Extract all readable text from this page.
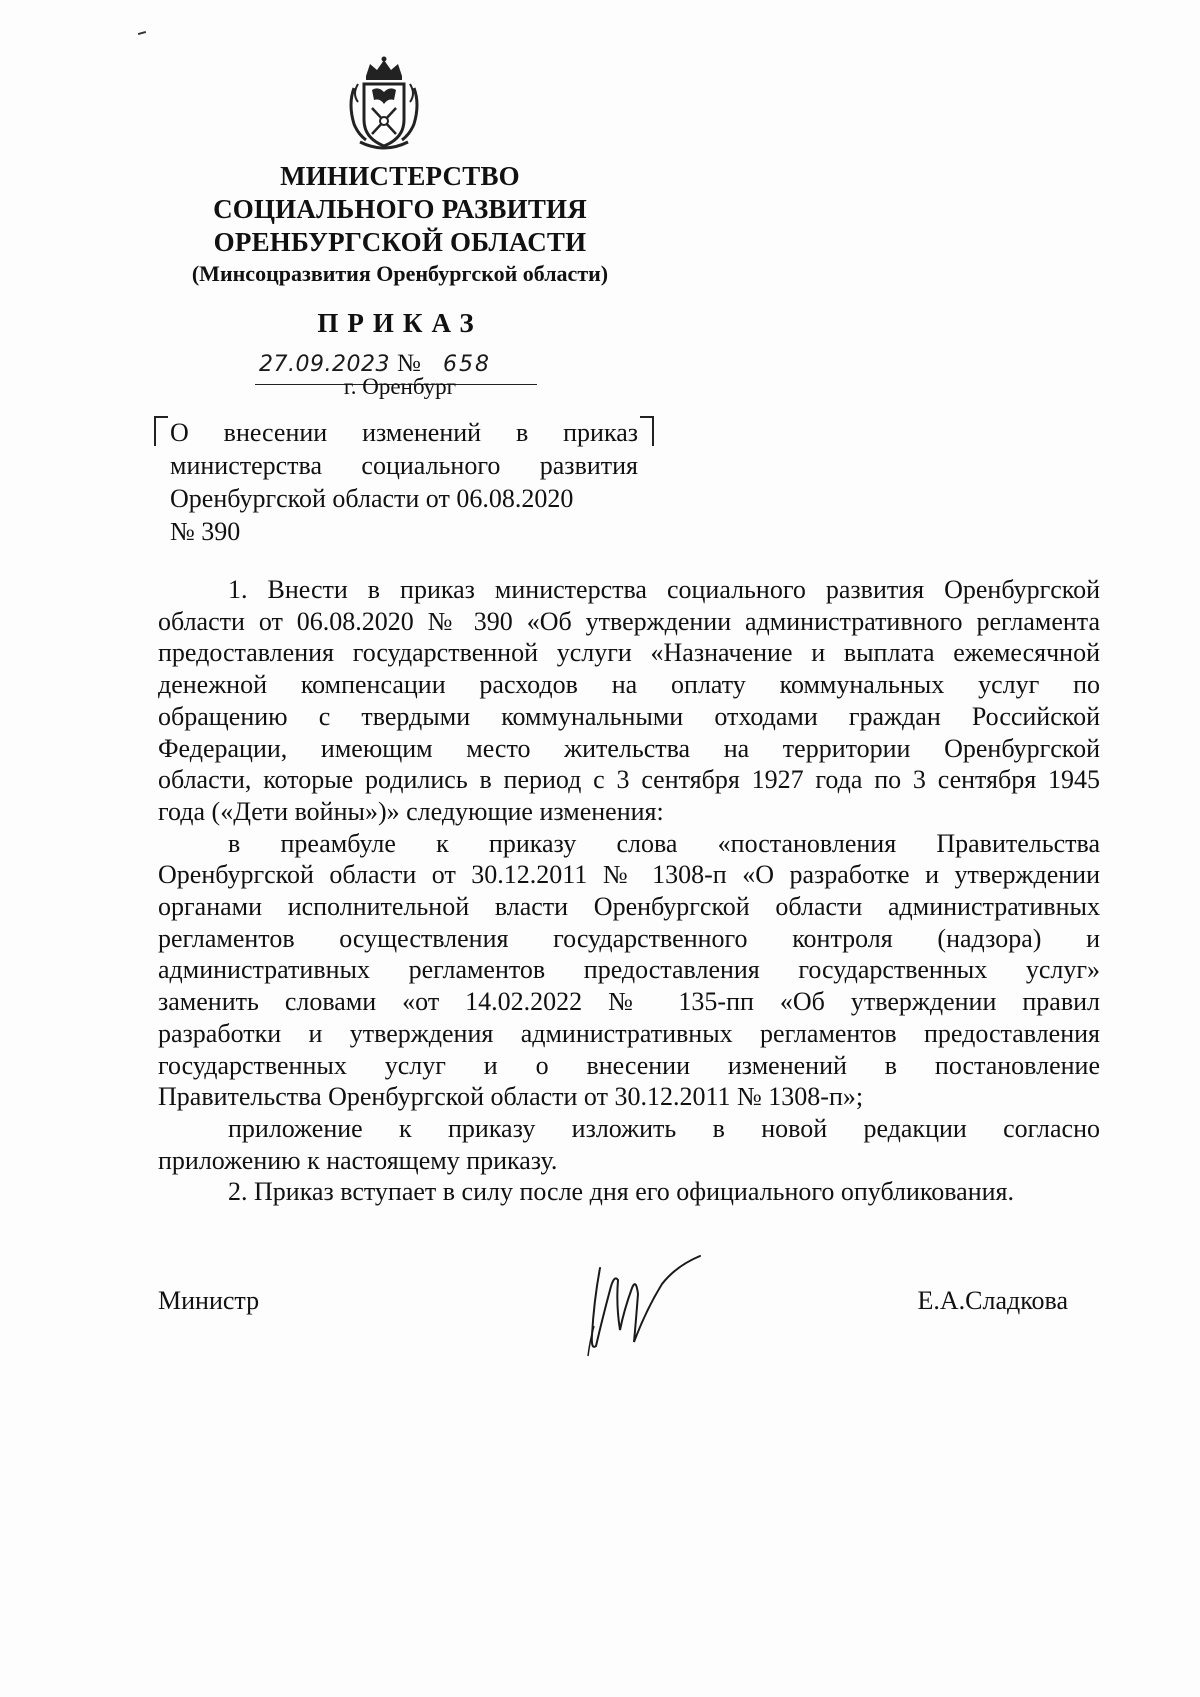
МИНИСТЕРСТВО
СОЦИАЛЬНОГО РАЗВИТИЯ
ОРЕНБУРГСКОЙ ОБЛАСТИ
(Минсоцразвития Оренбургской области)
ПРИКАЗ
27.09.2023 № 658
г. Оренбург
О внесении изменений в приказ
министерства социального развития
Оренбургской области от 06.08.2020
№ 390
1. Внести в приказ министерства социального развития Оренбургской
области от 06.08.2020 № 390 «Об утверждении административного регламента
предоставления государственной услуги «Назначение и выплата ежемесячной
денежной компенсации расходов на оплату коммунальных услуг по
обращению с твердыми коммунальными отходами граждан Российской
Федерации, имеющим место жительства на территории Оренбургской
области, которые родились в период с 3 сентября 1927 года по 3 сентября 1945
года («Дети войны»)» следующие изменения:
в преамбуле к приказу слова «постановления Правительства
Оренбургской области от 30.12.2011 № 1308-п «О разработке и утверждении
органами исполнительной власти Оренбургской области административных
регламентов осуществления государственного контроля (надзора) и
административных регламентов предоставления государственных услуг»
заменить словами «от 14.02.2022 № 135-пп «Об утверждении правил
разработки и утверждения административных регламентов предоставления
государственных услуг и о внесении изменений в постановление
Правительства Оренбургской области от 30.12.2011 № 1308-п»;
приложение к приказу изложить в новой редакции согласно
приложению к настоящему приказу.
2. Приказ вступает в силу после дня его официального опубликования.
Министр	Е.А.Сладкова
